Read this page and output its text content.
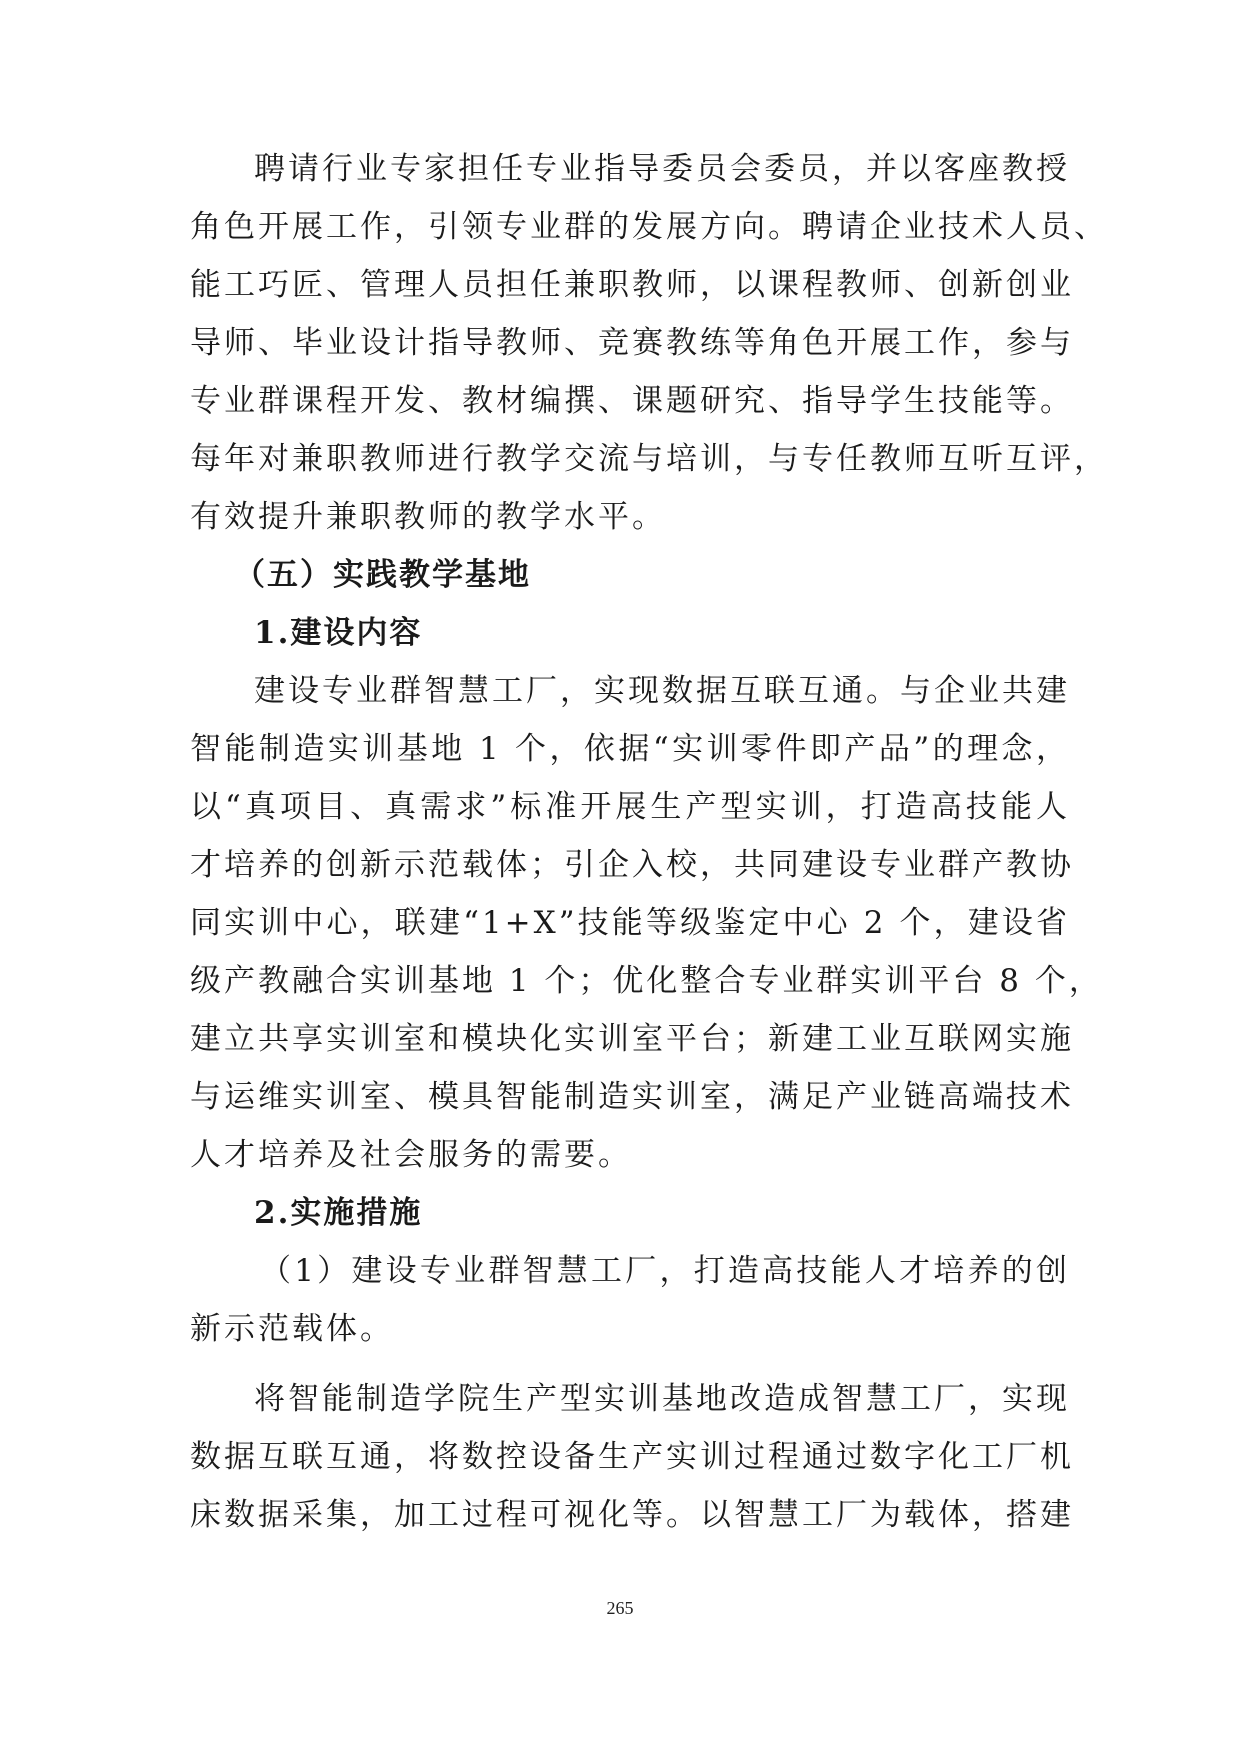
聘请行业专家担任专业指导委员会委员，并以客座教授
角色开展工作，引领专业群的发展方向。聘请企业技术人员、
能工巧匠、管理人员担任兼职教师，以课程教师、创新创业
导师、毕业设计指导教师、竞赛教练等角色开展工作，参与
专业群课程开发、教材编撰、课题研究、指导学生技能等。
每年对兼职教师进行教学交流与培训，与专任教师互听互评，
有效提升兼职教师的教学水平。
（五）实践教学基地
1.建设内容
建设专业群智慧工厂，实现数据互联互通。与企业共建
智能制造实训基地 1 个，依据“实训零件即产品”的理念，
以“真项目、真需求”标准开展生产型实训，打造高技能人
才培养的创新示范载体；引企入校，共同建设专业群产教协
同实训中心，联建“1+X”技能等级鉴定中心 2 个，建设省
级产教融合实训基地 1 个；优化整合专业群实训平台 8 个，
建立共享实训室和模块化实训室平台；新建工业互联网实施
与运维实训室、模具智能制造实训室，满足产业链高端技术
人才培养及社会服务的需要。
2.实施措施
（1）建设专业群智慧工厂，打造高技能人才培养的创
新示范载体。
将智能制造学院生产型实训基地改造成智慧工厂，实现
数据互联互通，将数控设备生产实训过程通过数字化工厂机
床数据采集，加工过程可视化等。以智慧工厂为载体，搭建
265
